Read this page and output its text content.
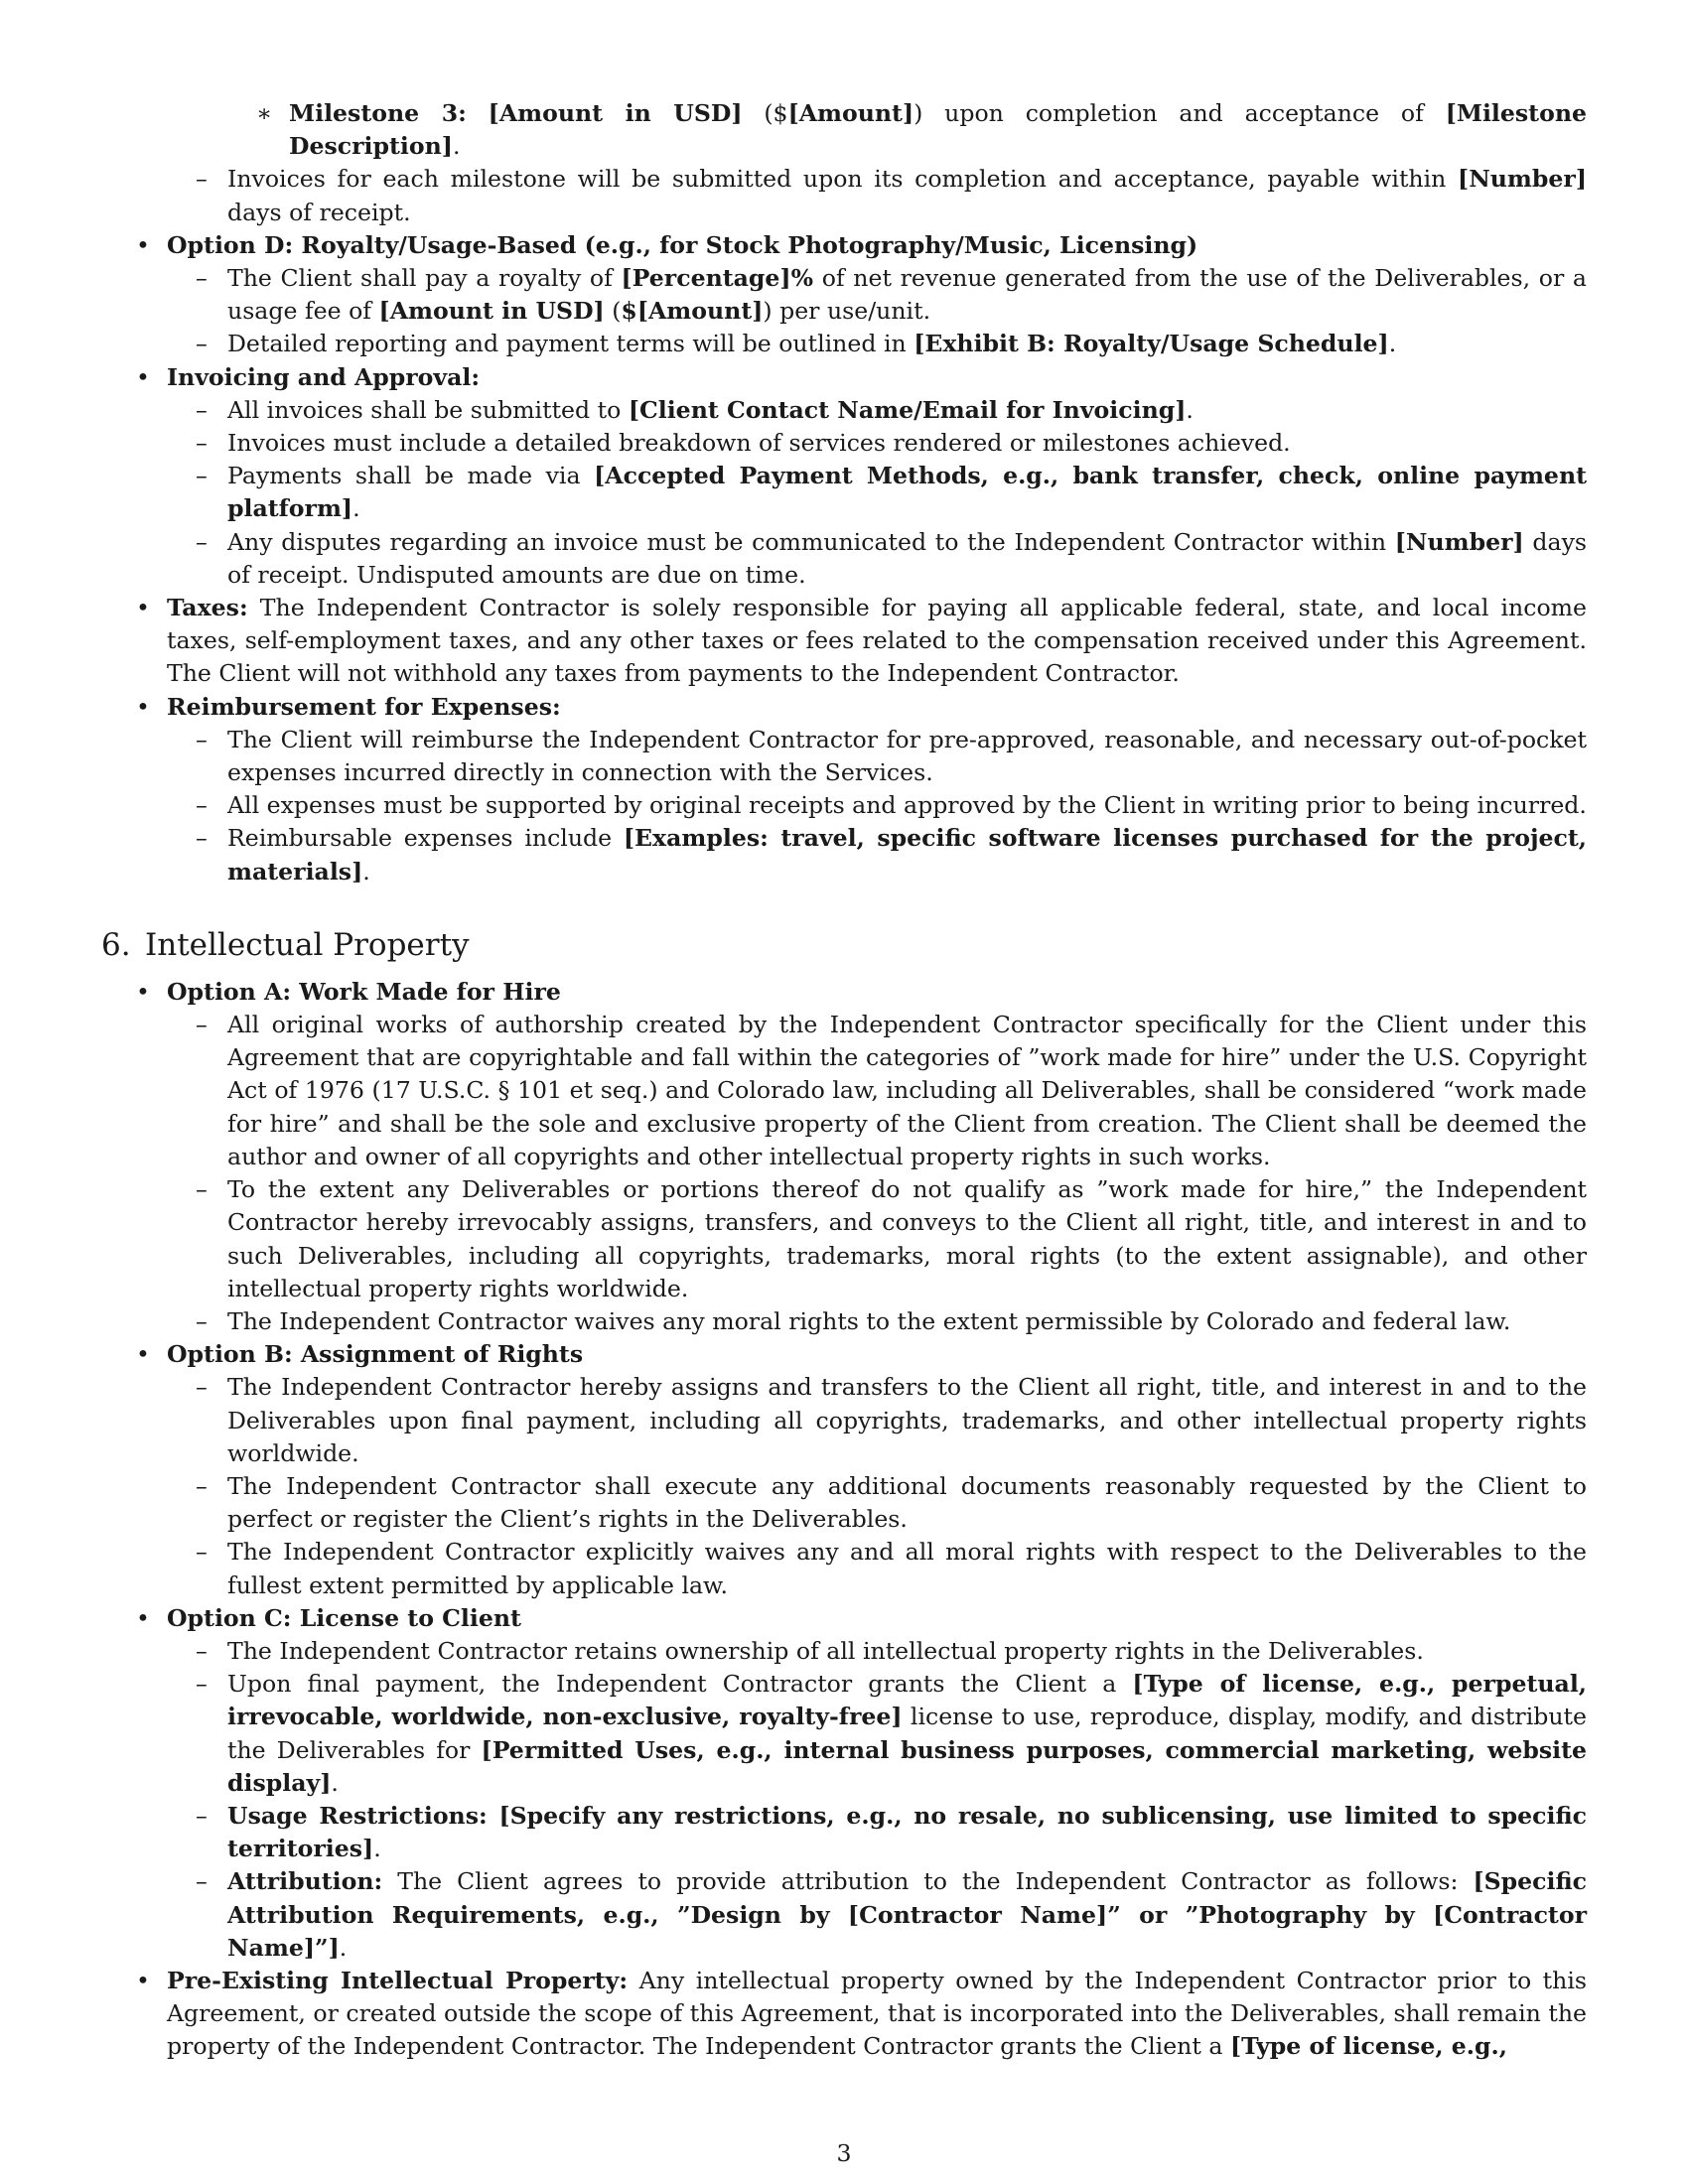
∗ Milestone 3: [Amount in USD] ($[Amount]) upon completion and acceptance of [Milestone Description].

– Invoices for each milestone will be submitted upon its completion and acceptance, payable within [Number] days of receipt.

• Option D: Royalty/Usage-Based (e.g., for Stock Photography/Music, Licensing)

– The Client shall pay a royalty of [Percentage]% of net revenue generated from the use of the Deliverables, or a usage fee of [Amount in USD] ($[Amount]) per use/unit.

– Detailed reporting and payment terms will be outlined in [Exhibit B: Royalty/Usage Schedule].

• Invoicing and Approval:

– All invoices shall be submitted to [Client Contact Name/Email for Invoicing].

– Invoices must include a detailed breakdown of services rendered or milestones achieved.

– Payments shall be made via [Accepted Payment Methods, e.g., bank transfer, check, online payment platform].

– Any disputes regarding an invoice must be communicated to the Independent Contractor within [Number] days of receipt. Undisputed amounts are due on time.

• Taxes: The Independent Contractor is solely responsible for paying all applicable federal, state, and local income taxes, self-employment taxes, and any other taxes or fees related to the compensation received under this Agreement. The Client will not withhold any taxes from payments to the Independent Contractor.

• Reimbursement for Expenses:

– The Client will reimburse the Independent Contractor for pre-approved, reasonable, and necessary out-of-pocket expenses incurred directly in connection with the Services.

– All expenses must be supported by original receipts and approved by the Client in writing prior to being incurred.

– Reimbursable expenses include [Examples: travel, specific software licenses purchased for the project, materials].

6. Intellectual Property

• Option A: Work Made for Hire

– All original works of authorship created by the Independent Contractor specifically for the Client under this Agreement that are copyrightable and fall within the categories of ”work made for hire” under the U.S. Copyright Act of 1976 (17 U.S.C. § 101 et seq.) and Colorado law, including all Deliverables, shall be considered “work made for hire” and shall be the sole and exclusive property of the Client from creation. The Client shall be deemed the author and owner of all copyrights and other intellectual property rights in such works.

– To the extent any Deliverables or portions thereof do not qualify as ”work made for hire,” the Independent Contractor hereby irrevocably assigns, transfers, and conveys to the Client all right, title, and interest in and to such Deliverables, including all copyrights, trademarks, moral rights (to the extent assignable), and other intellectual property rights worldwide.

– The Independent Contractor waives any moral rights to the extent permissible by Colorado and federal law.

• Option B: Assignment of Rights

– The Independent Contractor hereby assigns and transfers to the Client all right, title, and interest in and to the Deliverables upon final payment, including all copyrights, trademarks, and other intellectual property rights worldwide.

– The Independent Contractor shall execute any additional documents reasonably requested by the Client to perfect or register the Client’s rights in the Deliverables.

– The Independent Contractor explicitly waives any and all moral rights with respect to the Deliverables to the fullest extent permitted by applicable law.

• Option C: License to Client

– The Independent Contractor retains ownership of all intellectual property rights in the Deliverables.

– Upon final payment, the Independent Contractor grants the Client a [Type of license, e.g., perpetual, irrevocable, worldwide, non-exclusive, royalty-free] license to use, reproduce, display, modify, and distribute the Deliverables for [Permitted Uses, e.g., internal business purposes, commercial marketing, website display].

– Usage Restrictions: [Specify any restrictions, e.g., no resale, no sublicensing, use limited to specific territories].

– Attribution: The Client agrees to provide attribution to the Independent Contractor as follows: [Specific Attribution Requirements, e.g., ”Design by [Contractor Name]” or ”Photography by [Contractor Name]”].

• Pre-Existing Intellectual Property: Any intellectual property owned by the Independent Contractor prior to this Agreement, or created outside the scope of this Agreement, that is incorporated into the Deliverables, shall remain the property of the Independent Contractor. The Independent Contractor grants the Client a [Type of license, e.g.,

3
